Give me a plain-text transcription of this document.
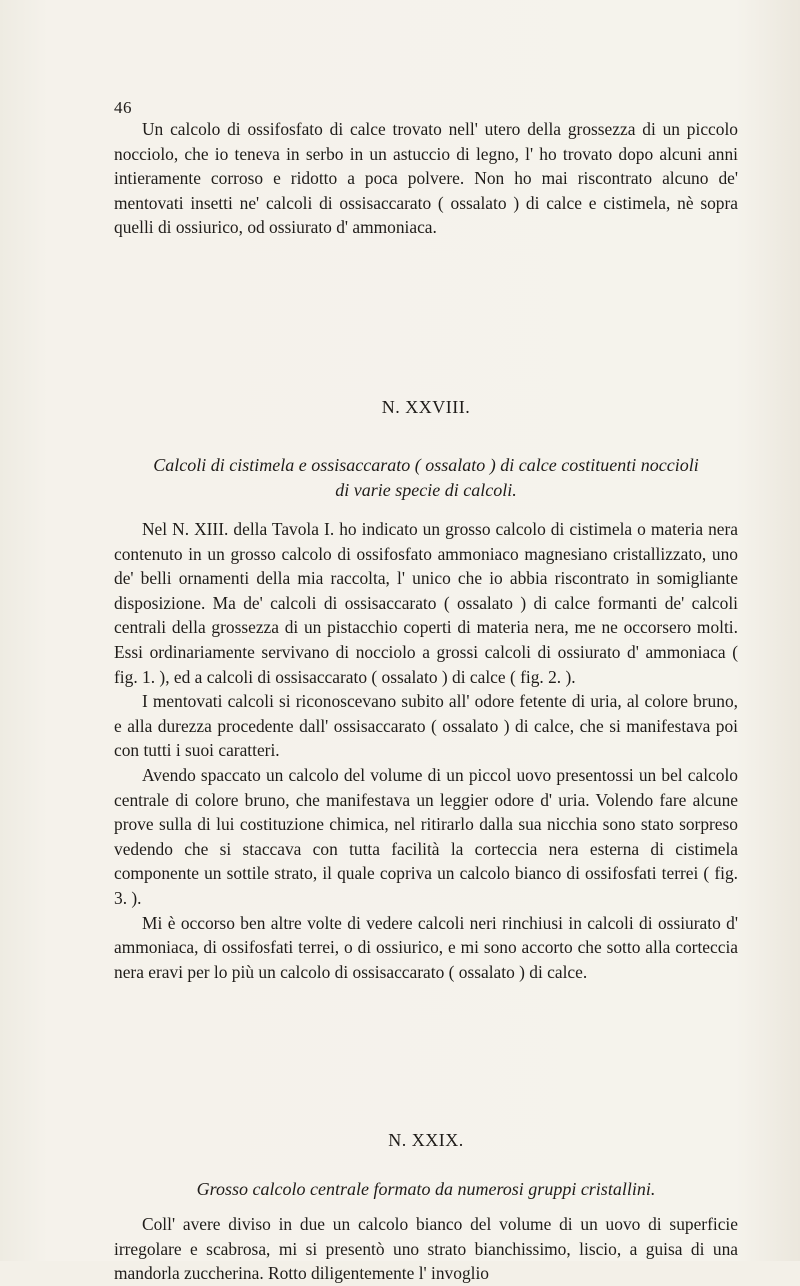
46

Un calcolo di ossifosfato di calce trovato nell' utero della grossezza di un piccolo nocciolo, che io teneva in serbo in un astuccio di legno, l' ho trovato dopo alcuni anni intieramente corroso e ridotto a poca polvere. Non ho mai riscontrato alcuno de' mentovati insetti ne' calcoli di ossisaccarato ( ossalato ) di calce e cistimela, nè sopra quelli di ossiurico, od ossiurato d' ammoniaca.

N. XXVIII.
Calcoli di cistimela e ossisaccarato ( ossalato ) di calce costituenti noccioli
di varie specie di calcoli.

Nel N. XIII. della Tavola I. ho indicato un grosso calcolo di cistimela o materia nera contenuto in un grosso calcolo di ossifosfato ammoniaco magnesiano cristallizzato, uno de' belli ornamenti della mia raccolta, l' unico che io abbia riscontrato in somigliante disposizione. Ma de' calcoli di ossisaccarato ( ossalato ) di calce formanti de' calcoli centrali della grossezza di un pistacchio coperti di materia nera, me ne occorsero molti. Essi ordinariamente servivano di nocciolo a grossi calcoli di ossiurato d' ammoniaca ( fig. 1. ), ed a calcoli di ossisaccarato ( ossalato ) di calce ( fig. 2. ).

I mentovati calcoli si riconoscevano subito all' odore fetente di uria, al colore bruno, e alla durezza procedente dall' ossisaccarato ( ossalato ) di calce, che si manifestava poi con tutti i suoi caratteri.

Avendo spaccato un calcolo del volume di un piccol uovo presentossi un bel calcolo centrale di colore bruno, che manifestava un leggier odore d' uria. Volendo fare alcune prove sulla di lui costituzione chimica, nel ritirarlo dalla sua nicchia sono stato sorpreso vedendo che si staccava con tutta facilità la corteccia nera esterna di cistimela componente un sottile strato, il quale copriva un calcolo bianco di ossifosfati terrei ( fig. 3. ).

Mi è occorso ben altre volte di vedere calcoli neri rinchiusi in calcoli di ossiurato d' ammoniaca, di ossifosfati terrei, o di ossiurico, e mi sono accorto che sotto alla corteccia nera eravi per lo più un calcolo di ossisaccarato ( ossalato ) di calce.

N. XXIX.
Grosso calcolo centrale formato da numerosi gruppi cristallini.

Coll' avere diviso in due un calcolo bianco del volume di un uovo di superficie irregolare e scabrosa, mi si presentò uno strato bianchissimo, liscio, a guisa di una mandorla zuccherina. Rotto diligentemente l' invoglio
